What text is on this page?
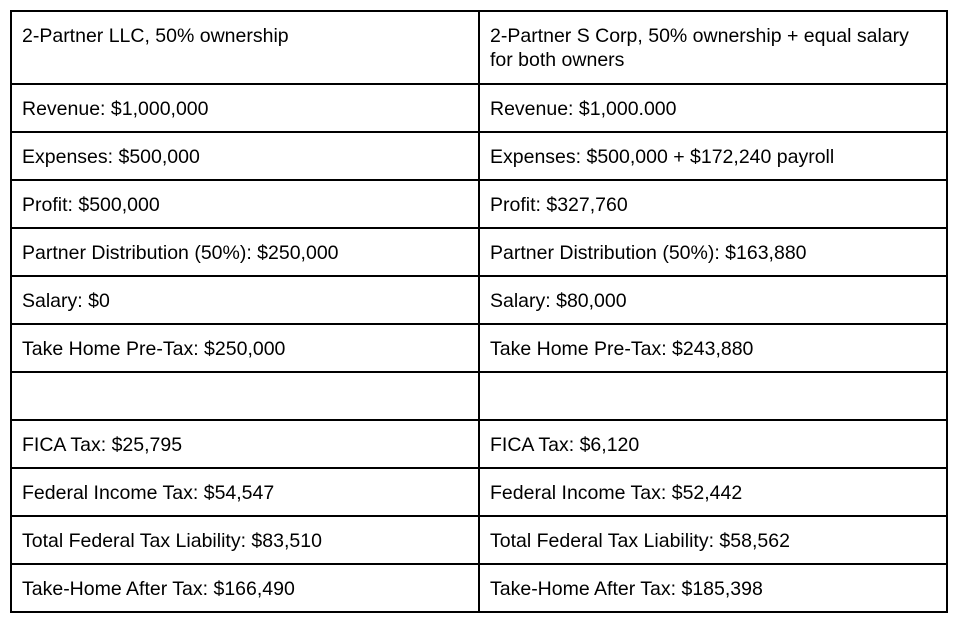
2-Partner LLC, 50% ownership	2-Partner S Corp, 50% ownership + equal salary for both owners
Revenue: $1,000,000	Revenue: $1,000.000
Expenses: $500,000	Expenses: $500,000 + $172,240 payroll
Profit: $500,000	Profit: $327,760
Partner Distribution (50%): $250,000	Partner Distribution (50%): $163,880
Salary: $0	Salary: $80,000
Take Home Pre-Tax: $250,000	Take Home Pre-Tax: $243,880

FICA Tax: $25,795	FICA Tax: $6,120
Federal Income Tax: $54,547	Federal Income Tax: $52,442
Total Federal Tax Liability: $83,510	Total Federal Tax Liability: $58,562
Take-Home After Tax: $166,490	Take-Home After Tax: $185,398
